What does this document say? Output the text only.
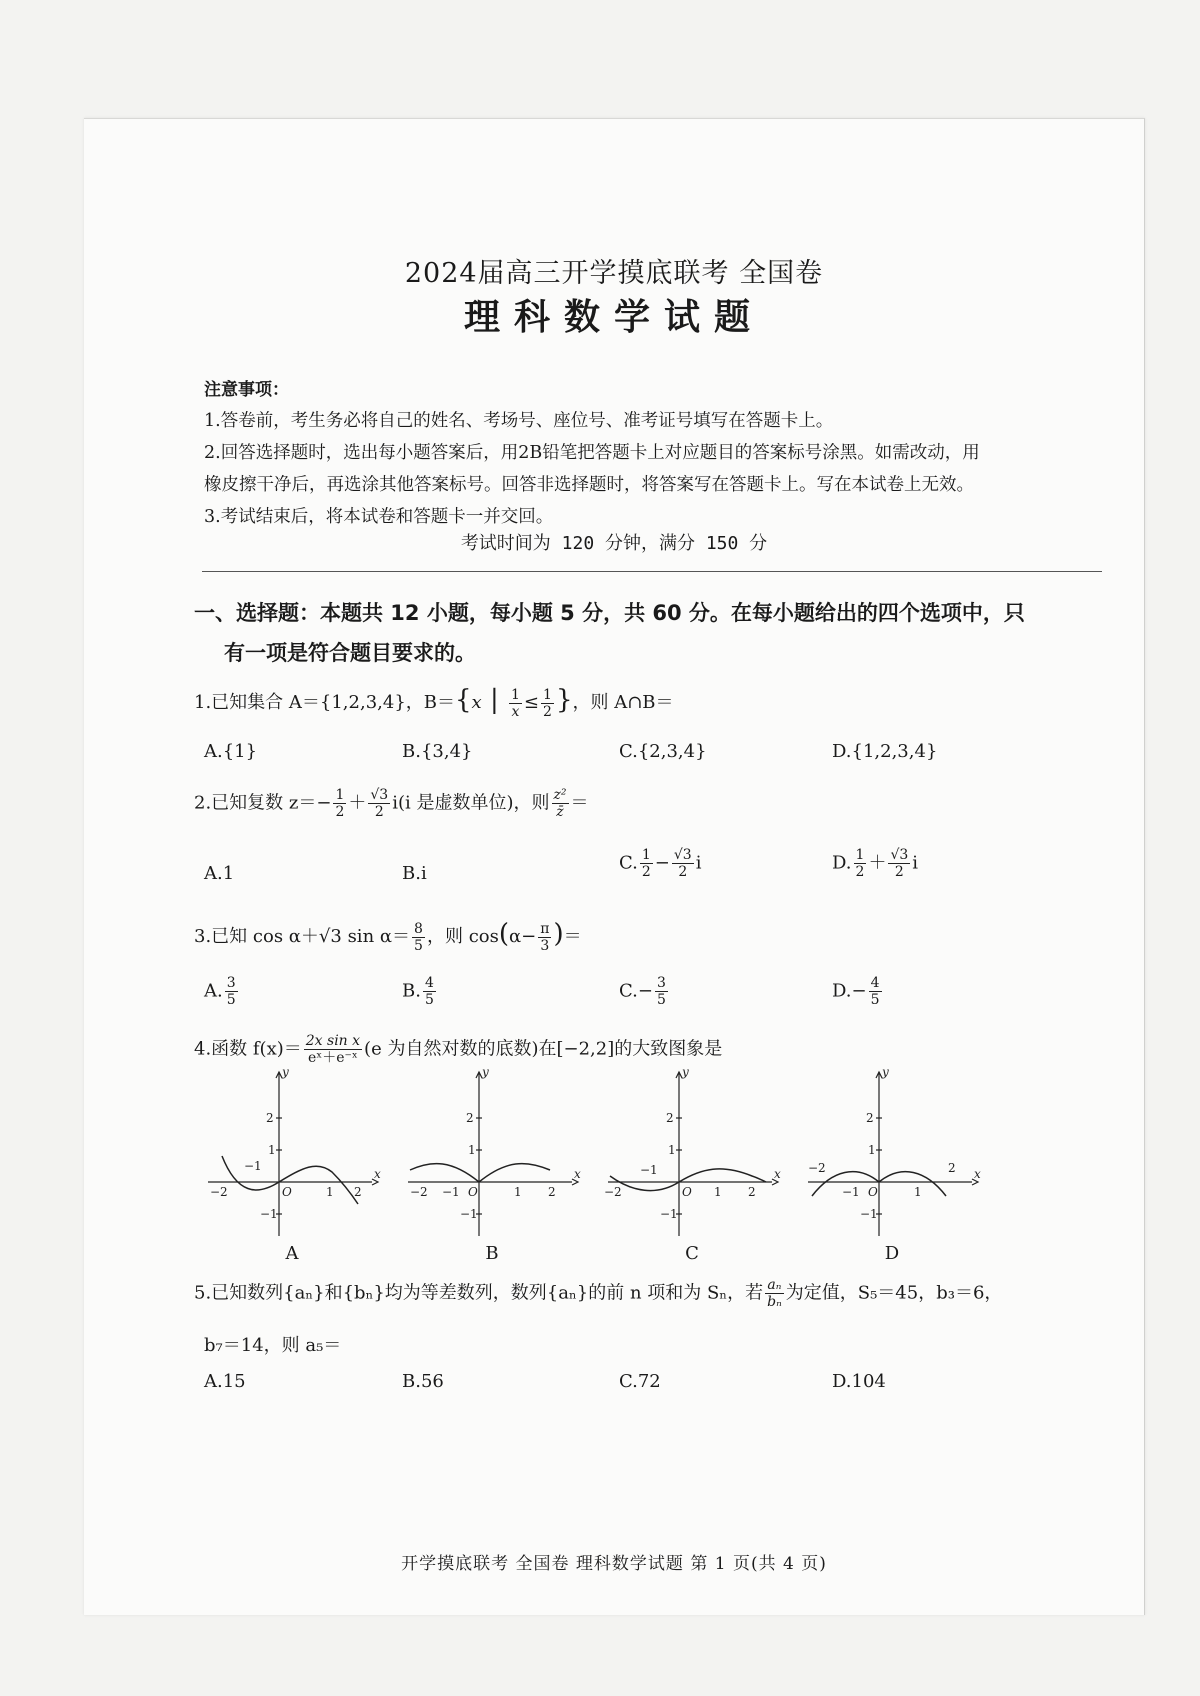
2024届高三开学摸底联考 全国卷
理科数学试题
注意事项：
1.答卷前，考生务必将自己的姓名、考场号、座位号、准考证号填写在答题卡上。
2.回答选择题时，选出每小题答案后，用2B铅笔把答题卡上对应题目的答案标号涂黑。如需改动，用
橡皮擦干净后，再选涂其他答案标号。回答非选择题时，将答案写在答题卡上。写在本试卷上无效。
3.考试结束后，将本试卷和答题卡一并交回。
考试时间为 120 分钟，满分 150 分
一、选择题：本题共 12 小题，每小题 5 分，共 60 分。在每小题给出的四个选项中，只
有一项是符合题目要求的。
1.已知集合 A＝{1,2,3,4}，B＝{x | $\frac{1}{x} \le \frac{1}{2}$ }，则 A∩B＝
A.{1}	B.{3,4}	C.{2,3,4}	D.{1,2,3,4}
2.已知复数 $z=- \frac{1}{2} + \frac{√3}{2} i(i$ 是虚数单位)，则 $\frac{\text{z²}}{z̄}$ ＝
A.1	B.i	C. $\frac{1}{2} - \frac{√3}{2}$ i	D. $\frac{1}{2} + \frac{√3}{2}$ i
3.已知 cos α＋√3 $\sin \alpha= \frac{8}{5}$ ，则 $\cos(\alpha- \frac{\pi}{3}$ )＝
A. $\frac{3}{5}$	B. $\frac{4}{5}$	$C.- \frac{3}{5}$	$D.- \frac{4}{5}$
4.函数 $f(x)= \frac{\text{2x sin x}}{\text{eˣ＋e⁻ˣ}} (e$ 为自然对数的底数)在[−2,2]的大致图象是
y
x
2
1
−1
O
−2
−1
1 2
y
x
2
1
−1
O
−2 −1	1 2
y
x
2
1
−1
O
−2
−1
1 2
y
x
2
1
−1
O
−2
−1	1
2
A	B	C	D
5.已知数列{aₙ}和{bₙ}均为等差数列，数列{aₙ}的前 n 项和为 Sₙ，若 $\frac{\text{aₙ}}{\text{bₙ}}$ 为定值，S₅＝45，b₃＝6，
b₇＝14，则 a₅＝
A.15	B.56	C.72	D.104
开学摸底联考 全国卷 理科数学试题 第 1 页(共 4 页)
